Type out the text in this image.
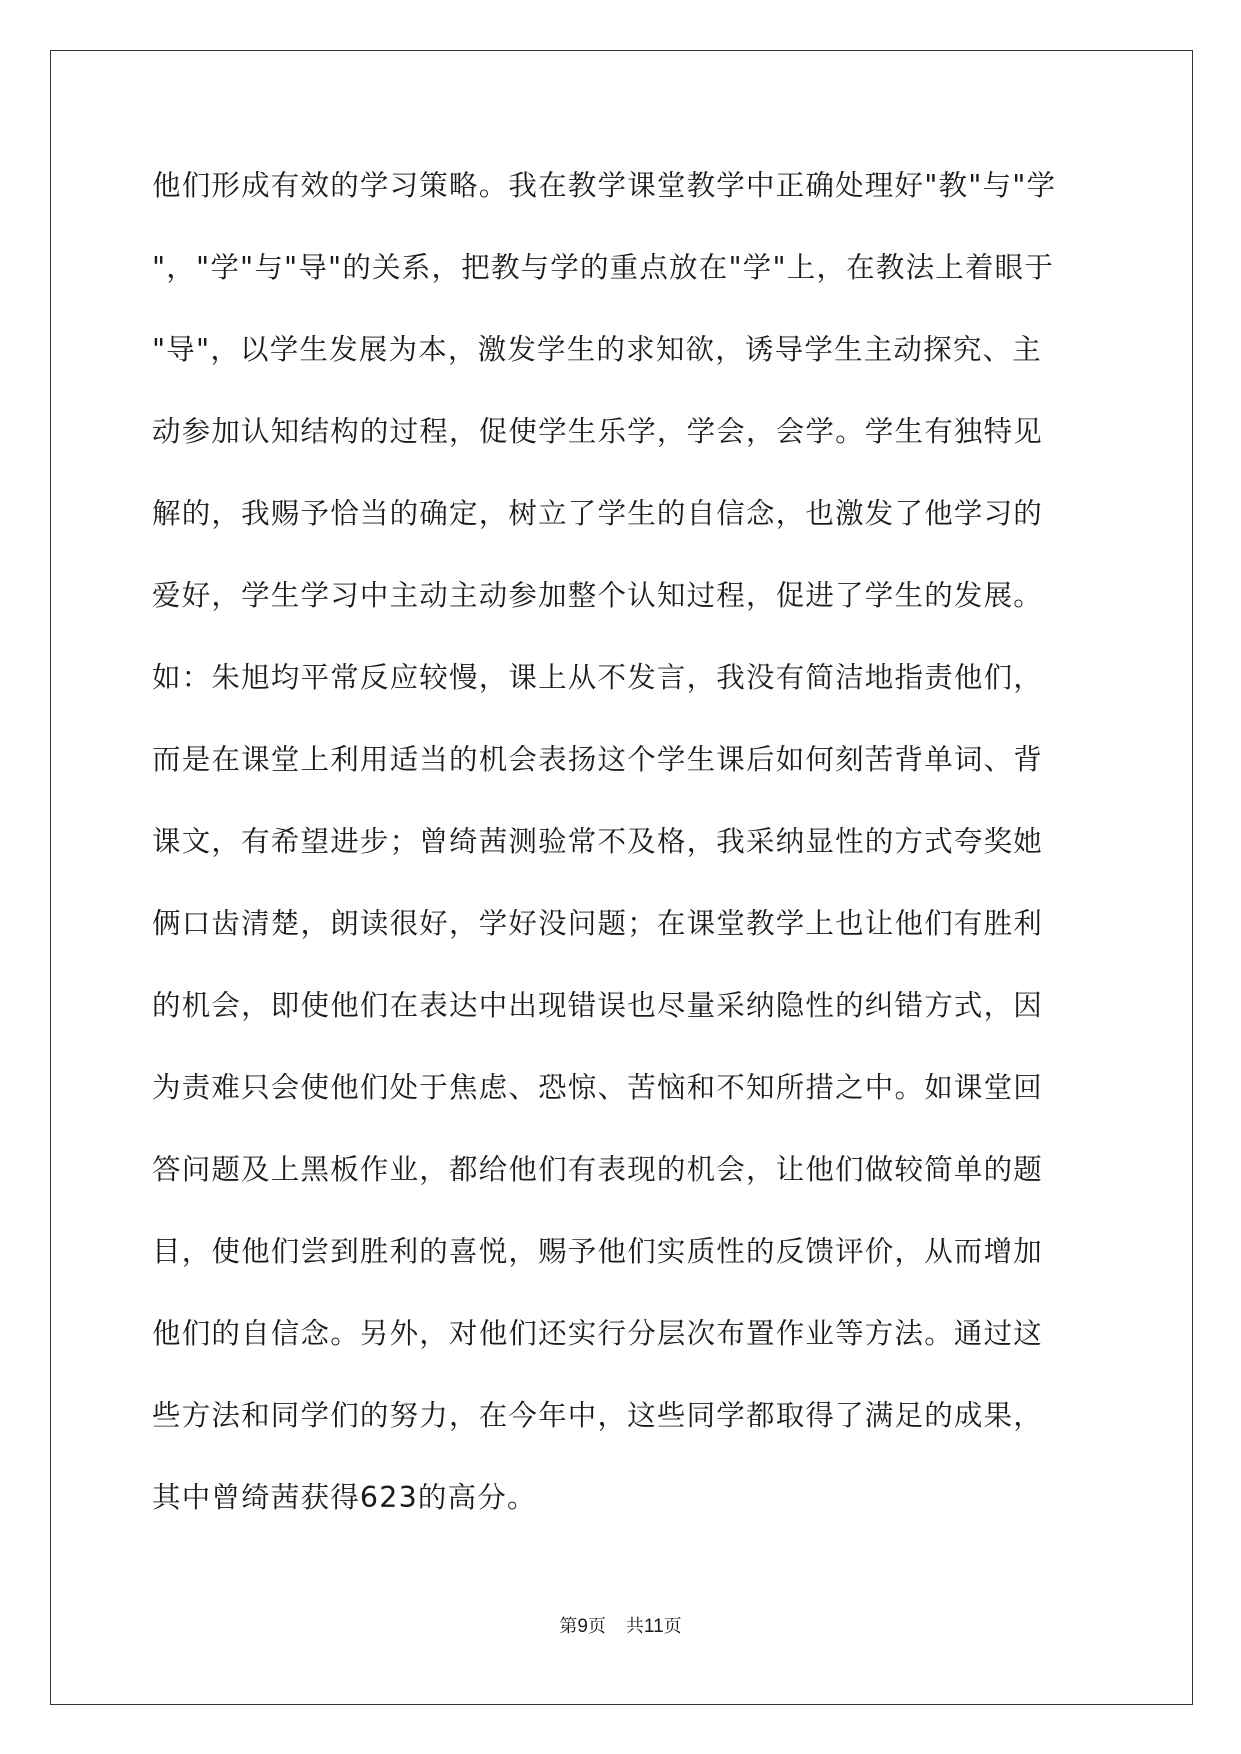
他们形成有效的学习策略。我在教学课堂教学中正确处理好"教"与"学
"，"学"与"导"的关系，把教与学的重点放在"学"上，在教法上着眼于
"导"，以学生发展为本，激发学生的求知欲，诱导学生主动探究、主
动参加认知结构的过程，促使学生乐学，学会，会学。学生有独特见
解的，我赐予恰当的确定，树立了学生的自信念，也激发了他学习的
爱好，学生学习中主动主动参加整个认知过程，促进了学生的发展。
如：朱旭均平常反应较慢，课上从不发言，我没有简洁地指责他们，
而是在课堂上利用适当的机会表扬这个学生课后如何刻苦背单词、背
课文，有希望进步；曾绮茜测验常不及格，我采纳显性的方式夸奖她
俩口齿清楚，朗读很好，学好没问题；在课堂教学上也让他们有胜利
的机会，即使他们在表达中出现错误也尽量采纳隐性的纠错方式，因
为责难只会使他们处于焦虑、恐惊、苦恼和不知所措之中。如课堂回
答问题及上黑板作业，都给他们有表现的机会，让他们做较简单的题
目，使他们尝到胜利的喜悦，赐予他们实质性的反馈评价，从而增加
他们的自信念。另外，对他们还实行分层次布置作业等方法。通过这
些方法和同学们的努力，在今年中，这些同学都取得了满足的成果，
其中曾绮茜获得623的高分。
第9页 共11页
